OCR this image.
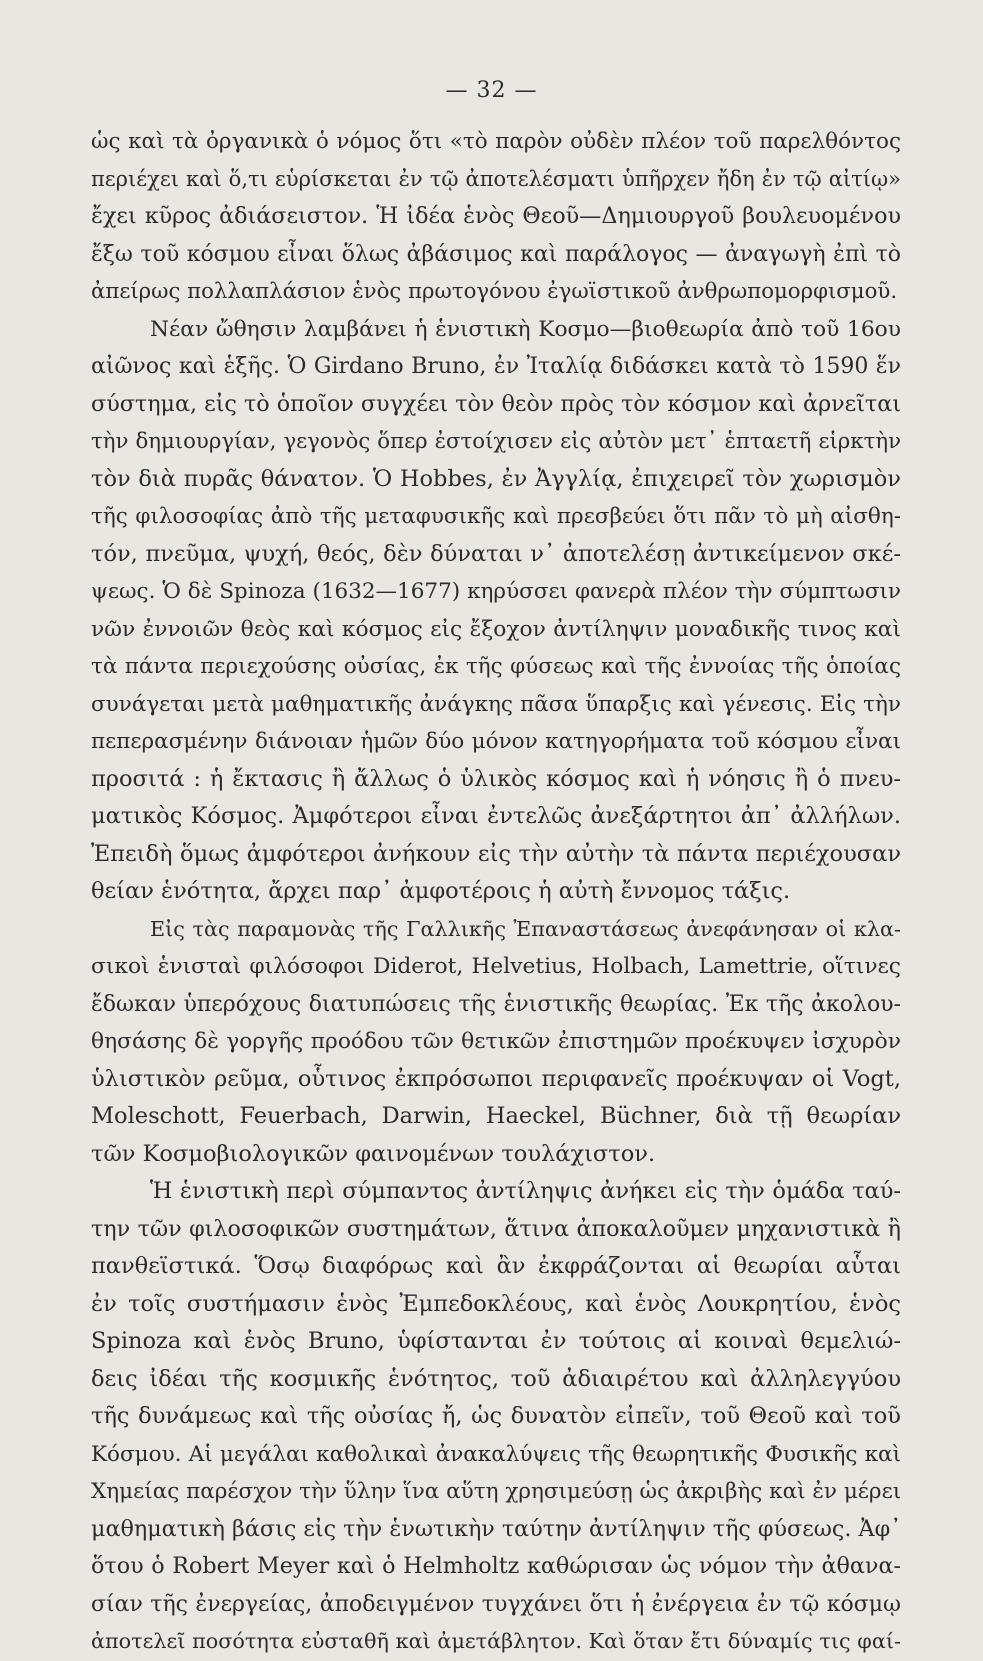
— 32 —
ὡς καὶ τὰ ὀργανικὰ ὁ νόμος ὅτι «τὸ παρὸν οὐδὲν πλέον τοῦ παρελθόντος
περιέχει καὶ ὅ,τι εὑρίσκεται ἐν τῷ ἀποτελέσματι ὑπῆρχεν ἤδη ἐν τῷ αἰτίῳ»
ἔχει κῦρος ἀδιάσειστον. Ἡ ἰδέα ἑνὸς Θεοῦ—Δημιουργοῦ βουλευομένου
ἔξω τοῦ κόσμου εἶναι ὅλως ἀβάσιμος καὶ παράλογος — ἀναγωγὴ ἐπὶ τὸ
ἀπείρως πολλαπλάσιον ἑνὸς πρωτογόνου ἐγωϊστικοῦ ἀνθρωπομορφισμοῦ.
Νέαν ὤθησιν λαμβάνει ἡ ἑνιστικὴ Κοσμο—βιοθεωρία ἀπὸ τοῦ 16ου
αἰῶνος καὶ ἑξῆς. Ὁ Girdano Bruno, ἐν Ἰταλίᾳ διδάσκει κατὰ τὸ 1590 ἕν
σύστημα, εἰς τὸ ὁποῖον συγχέει τὸν θεὸν πρὸς τὸν κόσμον καὶ ἀρνεῖται
τὴν δημιουργίαν, γεγονὸς ὅπερ ἐστοίχισεν εἰς αὐτὸν μετ᾽ ἑπταετῆ εἱρκτὴν
τὸν διὰ πυρᾶς θάνατον. Ὁ Hobbes, ἐν Ἀγγλίᾳ, ἐπιχειρεῖ τὸν χωρισμὸν
τῆς φιλοσοφίας ἀπὸ τῆς μεταφυσικῆς καὶ πρεσβεύει ὅτι πᾶν τὸ μὴ αἰσθη-
τόν, πνεῦμα, ψυχή, θεός, δὲν δύναται ν᾽ ἀποτελέσῃ ἀντικείμενον σκέ-
ψεως. Ὁ δὲ Spinoza (1632—1677) κηρύσσει φανερὰ πλέον τὴν σύμπτωσιν
νῶν ἐννοιῶν θεὸς καὶ κόσμος εἰς ἔξοχον ἀντίληψιν μοναδικῆς τινος καὶ
τὰ πάντα περιεχούσης οὐσίας, ἐκ τῆς φύσεως καὶ τῆς ἐννοίας τῆς ὁποίας
συνάγεται μετὰ μαθηματικῆς ἀνάγκης πᾶσα ὕπαρξις καὶ γένεσις. Εἰς τὴν
πεπερασμένην διάνοιαν ἡμῶν δύο μόνον κατηγορήματα τοῦ κόσμου εἶναι
προσιτά : ἡ ἔκτασις ἢ ἄλλως ὁ ὑλικὸς κόσμος καὶ ἡ νόησις ἢ ὁ πνευ-
ματικὸς Κόσμος. Ἀμφότεροι εἶναι ἐντελῶς ἀνεξάρτητοι ἀπ᾽ ἀλλήλων.
Ἐπειδὴ ὅμως ἀμφότεροι ἀνήκουν εἰς τὴν αὐτὴν τὰ πάντα περιέχουσαν
θείαν ἑνότητα, ἄρχει παρ᾽ ἀμφοτέροις ἡ αὐτὴ ἔννομος τάξις.
Εἰς τὰς παραμονὰς τῆς Γαλλικῆς Ἐπαναστάσεως ἀνεφάνησαν οἱ κλα-
σικοὶ ἑνισταὶ φιλόσοφοι Diderot, Helvetius, Holbach, Lamettrie, οἵτινες
ἔδωκαν ὑπερόχους διατυπώσεις τῆς ἑνιστικῆς θεωρίας. Ἐκ τῆς ἀκολου-
θησάσης δὲ γοργῆς προόδου τῶν θετικῶν ἐπιστημῶν προέκυψεν ἰσχυρὸν
ὑλιστικὸν ρεῦμα, οὗτινος ἐκπρόσωποι περιφανεῖς προέκυψαν οἱ Vogt,
Moleschott, Feuerbach, Darwin, Haeckel, Büchner, διὰ τῇ θεωρίαν
τῶν Κοσμοβιολογικῶν φαινομένων τουλάχιστον.
Ἡ ἑνιστικὴ περὶ σύμπαντος ἀντίληψις ἀνήκει εἰς τὴν ὁμάδα ταύ-
την τῶν φιλοσοφικῶν συστημάτων, ἅτινα ἀποκαλοῦμεν μηχανιστικὰ ἢ
πανθεϊστικά. Ὅσῳ διαφόρως καὶ ἂν ἐκφράζονται αἱ θεωρίαι αὗται
ἐν τοῖς συστήμασιν ἑνὸς Ἐμπεδοκλέους, καὶ ἑνὸς Λουκρητίου, ἑνὸς
Spinoza καὶ ἑνὸς Bruno, ὑφίστανται ἐν τούτοις αἱ κοιναὶ θεμελιώ-
δεις ἰδέαι τῆς κοσμικῆς ἑνότητος, τοῦ ἀδιαιρέτου καὶ ἀλληλεγγύου
τῆς δυνάμεως καὶ τῆς οὐσίας ἤ, ὡς δυνατὸν εἰπεῖν, τοῦ Θεοῦ καὶ τοῦ
Κόσμου. Αἱ μεγάλαι καθολικαὶ ἀνακαλύψεις τῆς θεωρητικῆς Φυσικῆς καὶ
Χημείας παρέσχον τὴν ὕλην ἵνα αὕτη χρησιμεύσῃ ὡς ἀκριβὴς καὶ ἐν μέρει
μαθηματικὴ βάσις εἰς τὴν ἑνωτικὴν ταύτην ἀντίληψιν τῆς φύσεως. Ἀφ᾽
ὅτου ὁ Robert Meyer καὶ ὁ Helmholtz καθώρισαν ὡς νόμον τὴν ἀθανα-
σίαν τῆς ἐνεργείας, ἀποδειγμένον τυγχάνει ὅτι ἡ ἐνέργεια ἐν τῷ κόσμῳ
ἀποτελεῖ ποσότητα εὐσταθῆ καὶ ἀμετάβλητον. Καὶ ὅταν ἔτι δύναμίς τις φαί-
